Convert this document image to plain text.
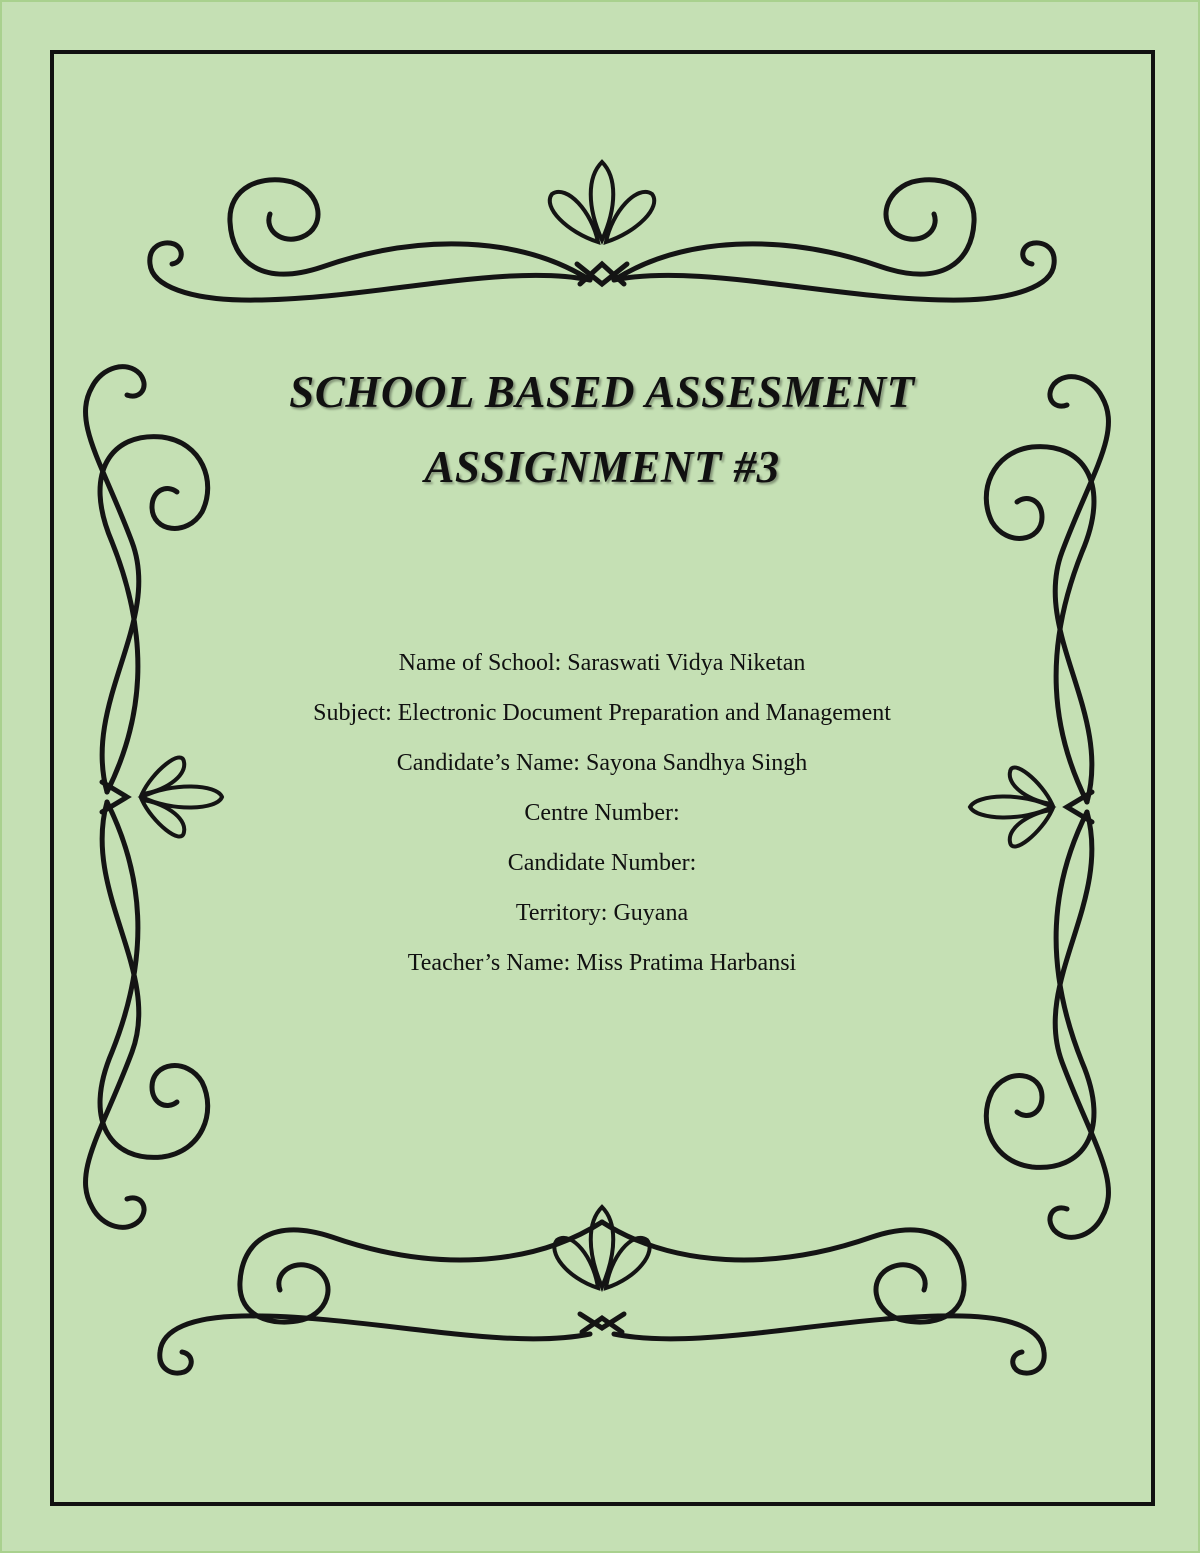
SCHOOL BASED ASSESMENT
ASSIGNMENT #3
Name of School: Saraswati Vidya Niketan
Subject: Electronic Document Preparation and Management
Candidate’s Name: Sayona Sandhya Singh
Centre Number:
Candidate Number:
Territory: Guyana
Teacher’s Name: Miss Pratima Harbansi
